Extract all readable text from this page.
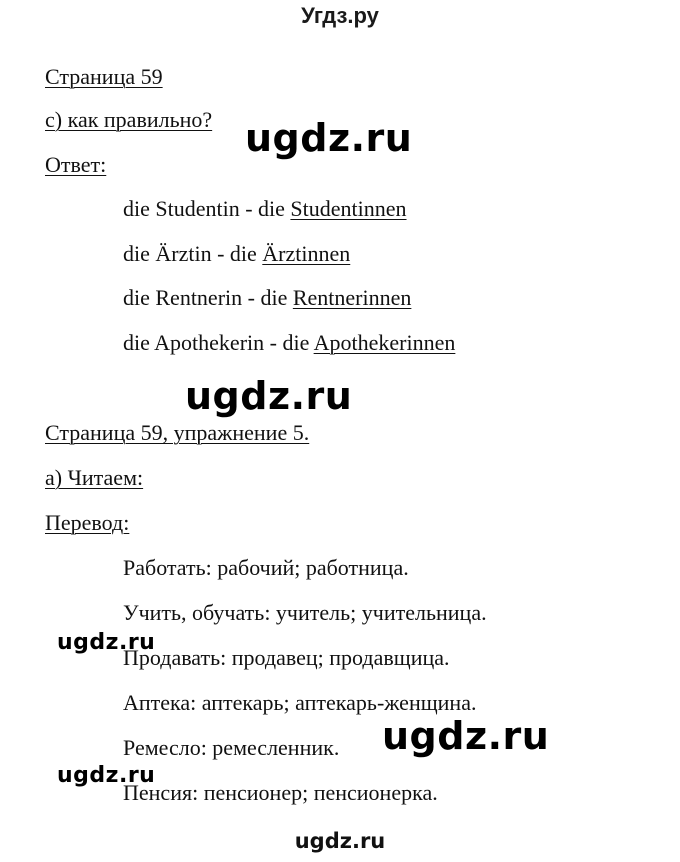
Угдз.ру
Страница 59
с) как правильно?
Ответ:
die Studentin - die Studentinnen
die Ärztin - die Ärztinnen
die Rentnerin - die Rentnerinnen
die Apothekerin - die Apothekerinnen
Страница 59, упражнение 5.
а) Читаем:
Перевод:
Работать: рабочий; работница.
Учить, обучать: учитель; учительница.
Продавать: продавец; продавщица.
Аптека: аптекарь; аптекарь-женщина.
Ремесло: ремесленник.
Пенсия: пенсионер; пенсионерка.
ugdz.ru
ugdz.ru
ugdz.ru
ugdz.ru
ugdz.ru
ugdz.ru
